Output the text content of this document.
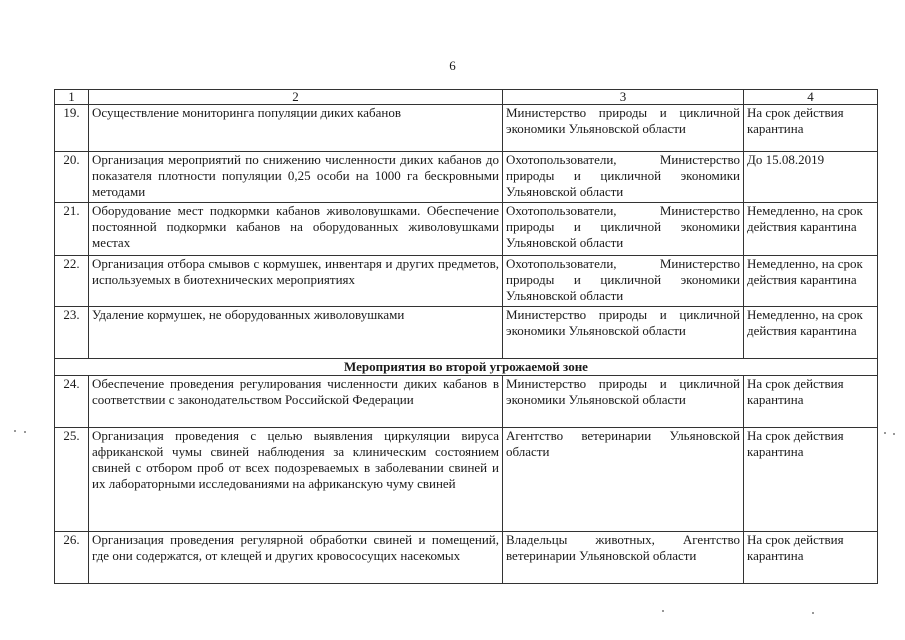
6
1	2	3	4
19.	Осуществление мониторинга популяции диких кабанов	Министерство природы и цикличной экономики Ульяновской области	На срок действия карантина
20.	Организация мероприятий по снижению численности диких кабанов до показателя плотности популяции 0,25 особи на 1000 га бескровными методами	Охотопользователи, Министерство природы и цикличной экономики Ульяновской области	До 15.08.2019
21.	Оборудование мест подкормки кабанов живоловушками. Обеспечение постоянной подкормки кабанов на оборудованных живоловушками местах	Охотопользователи, Министерство природы и цикличной экономики Ульяновской области	Немедленно, на срок действия карантина
22.	Организация отбора смывов с кормушек, инвентаря и других предметов, используемых в биотехнических мероприятиях	Охотопользователи, Министерство природы и цикличной экономики Ульяновской области	Немедленно, на срок действия карантина
23.	Удаление кормушек, не оборудованных живоловушками	Министерство природы и цикличной экономики Ульяновской области	Немедленно, на срок действия карантина
Мероприятия во второй угрожаемой зоне			
24.	Обеспечение проведения регулирования численности диких кабанов в соответствии с законодательством Российской Федерации	Министерство природы и цикличной экономики Ульяновской области	На срок действия карантина
25.	Организация проведения с целью выявления циркуляции вируса африканской чумы свиней наблюдения за клиническим состоянием свиней с отбором проб от всех подозреваемых в заболевании свиней и их лабораторными исследованиями на африканскую чуму свиней	Агентство ветеринарии Ульяновской области	На срок действия карантина
26.	Организация проведения регулярной обработки свиней и помещений, где они содержатся, от клещей и других кровососущих насекомых	Владельцы животных, Агентство ветеринарии Ульяновской области	На срок действия карантина
